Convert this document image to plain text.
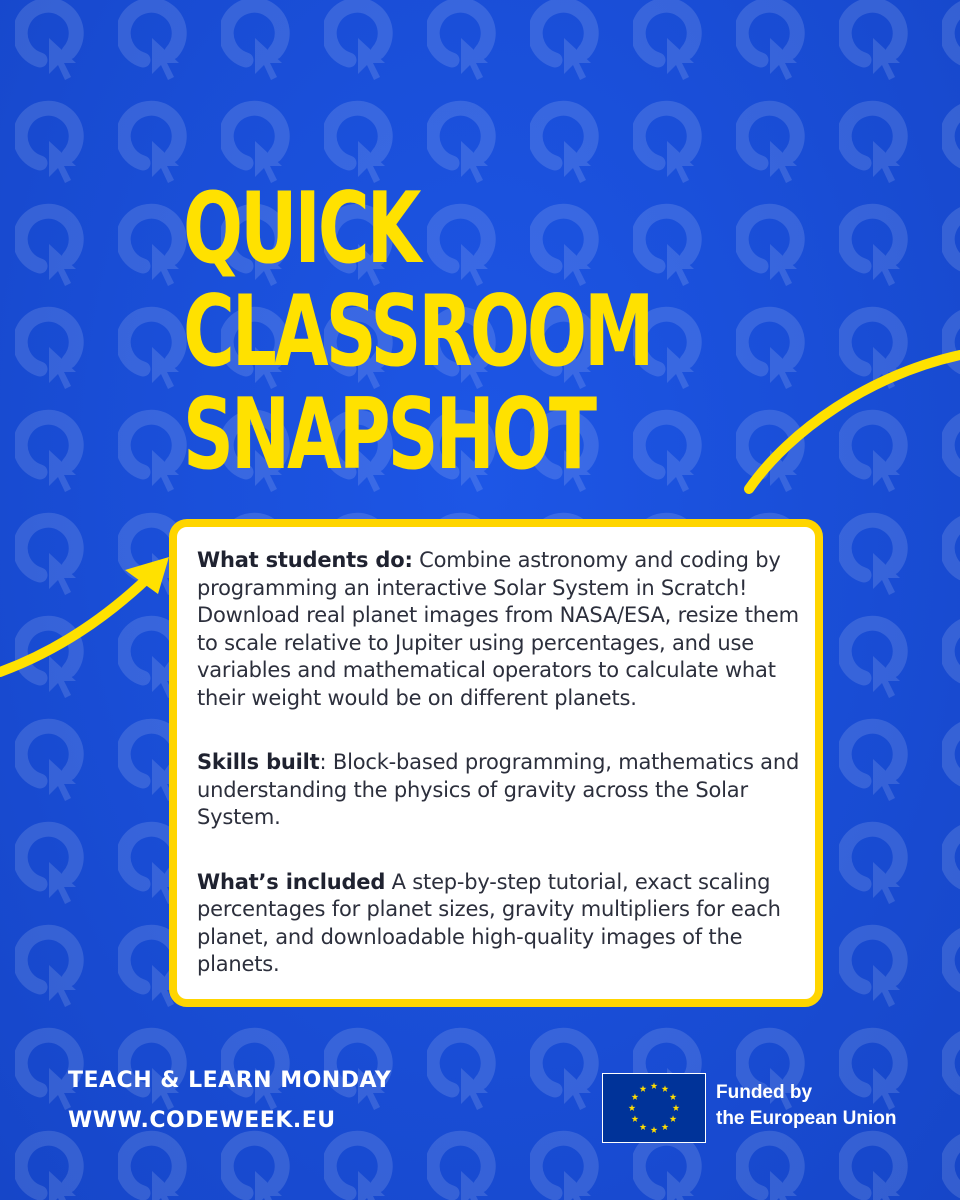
QUICK
CLASSROOM
SNAPSHOT

What students do: Combine astronomy and coding by programming an interactive Solar System in Scratch! Download real planet images from NASA/ESA, resize them to scale relative to Jupiter using percentages, and use variables and mathematical operators to calculate what their weight would be on different planets.

Skills built: Block-based programming, mathematics and understanding the physics of gravity across the Solar System.

What’s included A step-by-step tutorial, exact scaling percentages for planet sizes, gravity multipliers for each planet, and downloadable high-quality images of the planets.

TEACH & LEARN MONDAY
WWW.CODEWEEK.EU
Funded by
the European Union
